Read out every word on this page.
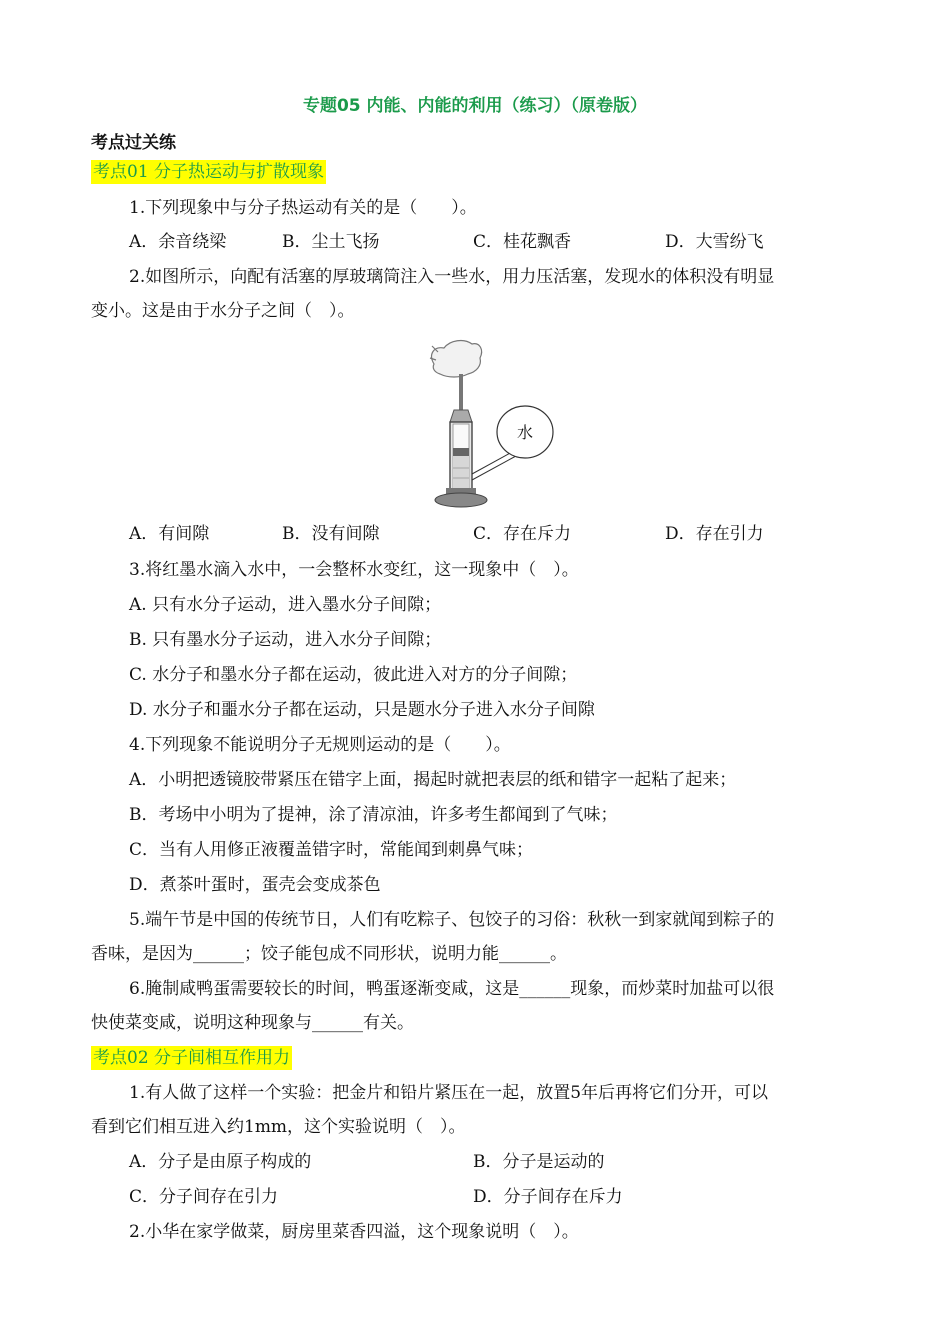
专题05 内能、内能的利用（练习）（原卷版）
考点过关练
考点01 分子热运动与扩散现象
1.下列现象中与分子热运动有关的是（　　）。
A．余音绕梁	B．尘土飞扬	C．桂花飘香	D．大雪纷飞
2.如图所示，向配有活塞的厚玻璃筒注入一些水，用力压活塞，发现水的体积没有明显
变小。这是由于水分子之间（　）。
水
A．有间隙	B．没有间隙	C．存在斥力	D．存在引力
3.将红墨水滴入水中，一会整杯水变红，这一现象中（　）。
A. 只有水分子运动，进入墨水分子间隙；
B. 只有墨水分子运动，进入水分子间隙；
C. 水分子和墨水分子都在运动，彼此进入对方的分子间隙；
D. 水分子和噩水分子都在运动，只是题水分子进入水分子间隙
4.下列现象不能说明分子无规则运动的是（　　）。
A．小明把透镜胶带紧压在错字上面，揭起时就把表层的纸和错字一起粘了起来；
B．考场中小明为了提神，涂了清凉油，许多考生都闻到了气味；
C．当有人用修正液覆盖错字时，常能闻到刺鼻气味；
D．煮茶叶蛋时，蛋壳会变成茶色
5.端午节是中国的传统节日，人们有吃粽子、包饺子的习俗：秋秋一到家就闻到粽子的
香味，是因为______；饺子能包成不同形状，说明力能______。
6.腌制咸鸭蛋需要较长的时间，鸭蛋逐渐变咸，这是______现象，而炒菜时加盐可以很
快使菜变咸，说明这种现象与______有关。
考点02 分子间相互作用力
1.有人做了这样一个实验：把金片和铅片紧压在一起，放置5年后再将它们分开，可以
看到它们相互进入约1mm，这个实验说明（　）。
A．分子是由原子构成的	B．分子是运动的
C．分子间存在引力	D．分子间存在斥力
2.小华在家学做菜，厨房里菜香四溢，这个现象说明（　）。
